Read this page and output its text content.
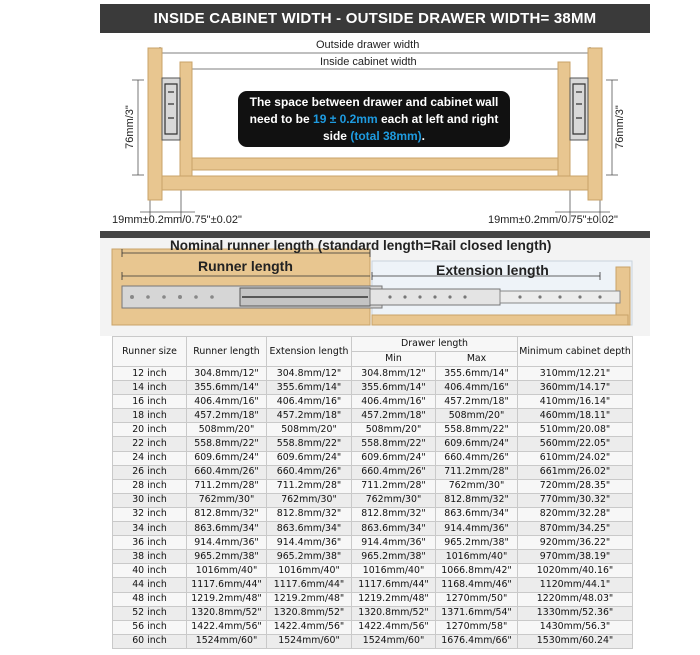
INSIDE CABINET WIDTH - OUTSIDE DRAWER WIDTH= 38MM
Outside drawer width
Inside cabinet width
76mm/3"	76mm/3"
19mm±0.2mm/0.75"±0.02"	19mm±0.2mm/0.75"±0.02"
The space between drawer and cabinet wall
need to be 19 ± 0.2mm each at left and right
side (total 38mm).
Nominal runner length (standard length=Rail closed length)
Runner length	Extension length
Runner size	Runner length	Extension length	Drawer length		Minimum cabinet depth
			Min	Max	
12 inch	304.8mm/12"	304.8mm/12"	304.8mm/12"	355.6mm/14"	310mm/12.21"
14 inch	355.6mm/14"	355.6mm/14"	355.6mm/14"	406.4mm/16"	360mm/14.17"
16 inch	406.4mm/16"	406.4mm/16"	406.4mm/16"	457.2mm/18"	410mm/16.14"
18 inch	457.2mm/18"	457.2mm/18"	457.2mm/18"	508mm/20"	460mm/18.11"
20 inch	508mm/20"	508mm/20"	508mm/20"	558.8mm/22"	510mm/20.08"
22 inch	558.8mm/22"	558.8mm/22"	558.8mm/22"	609.6mm/24"	560mm/22.05"
24 inch	609.6mm/24"	609.6mm/24"	609.6mm/24"	660.4mm/26"	610mm/24.02"
26 inch	660.4mm/26"	660.4mm/26"	660.4mm/26"	711.2mm/28"	661mm/26.02"
28 inch	711.2mm/28"	711.2mm/28"	711.2mm/28"	762mm/30"	720mm/28.35"
30 inch	762mm/30"	762mm/30"	762mm/30"	812.8mm/32"	770mm/30.32"
32 inch	812.8mm/32"	812.8mm/32"	812.8mm/32"	863.6mm/34"	820mm/32.28"
34 inch	863.6mm/34"	863.6mm/34"	863.6mm/34"	914.4mm/36"	870mm/34.25"
36 inch	914.4mm/36"	914.4mm/36"	914.4mm/36"	965.2mm/38"	920mm/36.22"
38 inch	965.2mm/38"	965.2mm/38"	965.2mm/38"	1016mm/40"	970mm/38.19"
40 inch	1016mm/40"	1016mm/40"	1016mm/40"	1066.8mm/42"	1020mm/40.16"
44 inch	1117.6mm/44"	1117.6mm/44"	1117.6mm/44"	1168.4mm/46"	1120mm/44.1"
48 inch	1219.2mm/48"	1219.2mm/48"	1219.2mm/48"	1270mm/50"	1220mm/48.03"
52 inch	1320.8mm/52"	1320.8mm/52"	1320.8mm/52"	1371.6mm/54"	1330mm/52.36"
56 inch	1422.4mm/56"	1422.4mm/56"	1422.4mm/56"	1270mm/58"	1430mm/56.3"
60 inch	1524mm/60"	1524mm/60"	1524mm/60"	1676.4mm/66"	1530mm/60.24"
